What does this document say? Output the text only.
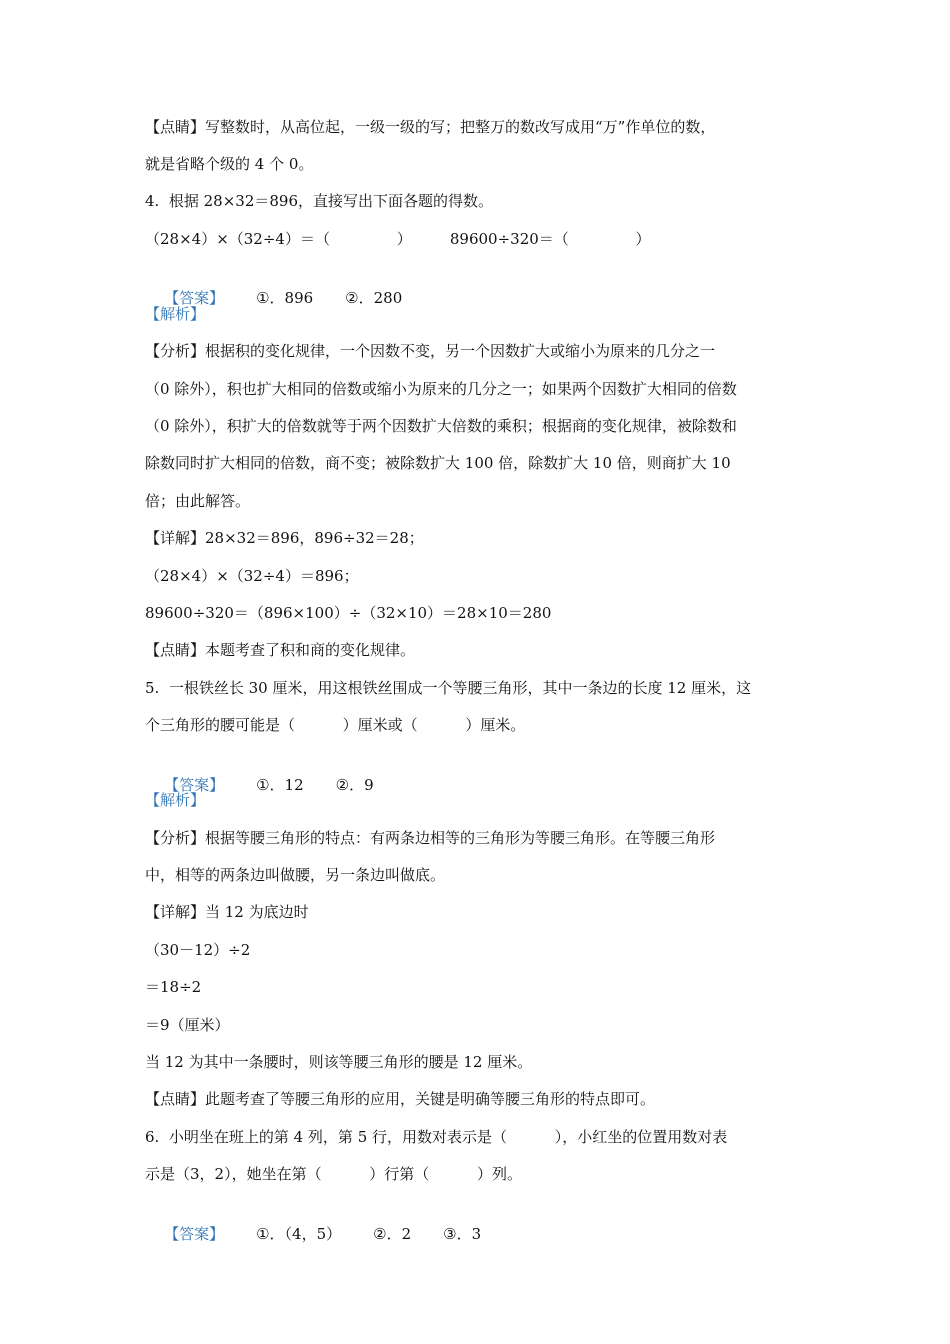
【点睛】写整数时，从高位起，一级一级的写；把整万的数改写成用“万”作单位的数，
就是省略个级的 4 个 0。
4.  根据 28×32＝896，直接写出下面各题的得数。
（28×4）×（32÷4）＝（              ）        89600÷320＝（              ）

【答案】 ①．896 ②．280

【解析】
【分析】根据积的变化规律，一个因数不变，另一个因数扩大或缩小为原来的几分之一
（0 除外），积也扩大相同的倍数或缩小为原来的几分之一；如果两个因数扩大相同的倍数
（0 除外），积扩大的倍数就等于两个因数扩大倍数的乘积；根据商的变化规律，被除数和
除数同时扩大相同的倍数，商不变；被除数扩大 100 倍，除数扩大 10 倍，则商扩大 10
倍；由此解答。
【详解】28×32＝896，896÷32＝28；
（28×4）×（32÷4）＝896；
89600÷320＝（896×100）÷（32×10）＝28×10＝280
【点睛】本题考查了积和商的变化规律。
5.  一根铁丝长 30 厘米，用这根铁丝围成一个等腰三角形，其中一条边的长度 12 厘米，这
个三角形的腰可能是（          ）厘米或（          ）厘米。

【答案】 ①．12 ②．9

【解析】
【分析】根据等腰三角形的特点：有两条边相等的三角形为等腰三角形。在等腰三角形
中，相等的两条边叫做腰，另一条边叫做底。
【详解】当 12 为底边时
（30－12）÷2
＝18÷2
＝9（厘米）
当 12 为其中一条腰时，则该等腰三角形的腰是 12 厘米。
【点睛】此题考查了等腰三角形的应用，关键是明确等腰三角形的特点即可。
6.  小明坐在班上的第 4 列，第 5 行，用数对表示是（          ），小红坐的位置用数对表
示是（3，2），她坐在第（          ）行第（          ）列。

【答案】 ①．（4，5） ②．2 ③．3
